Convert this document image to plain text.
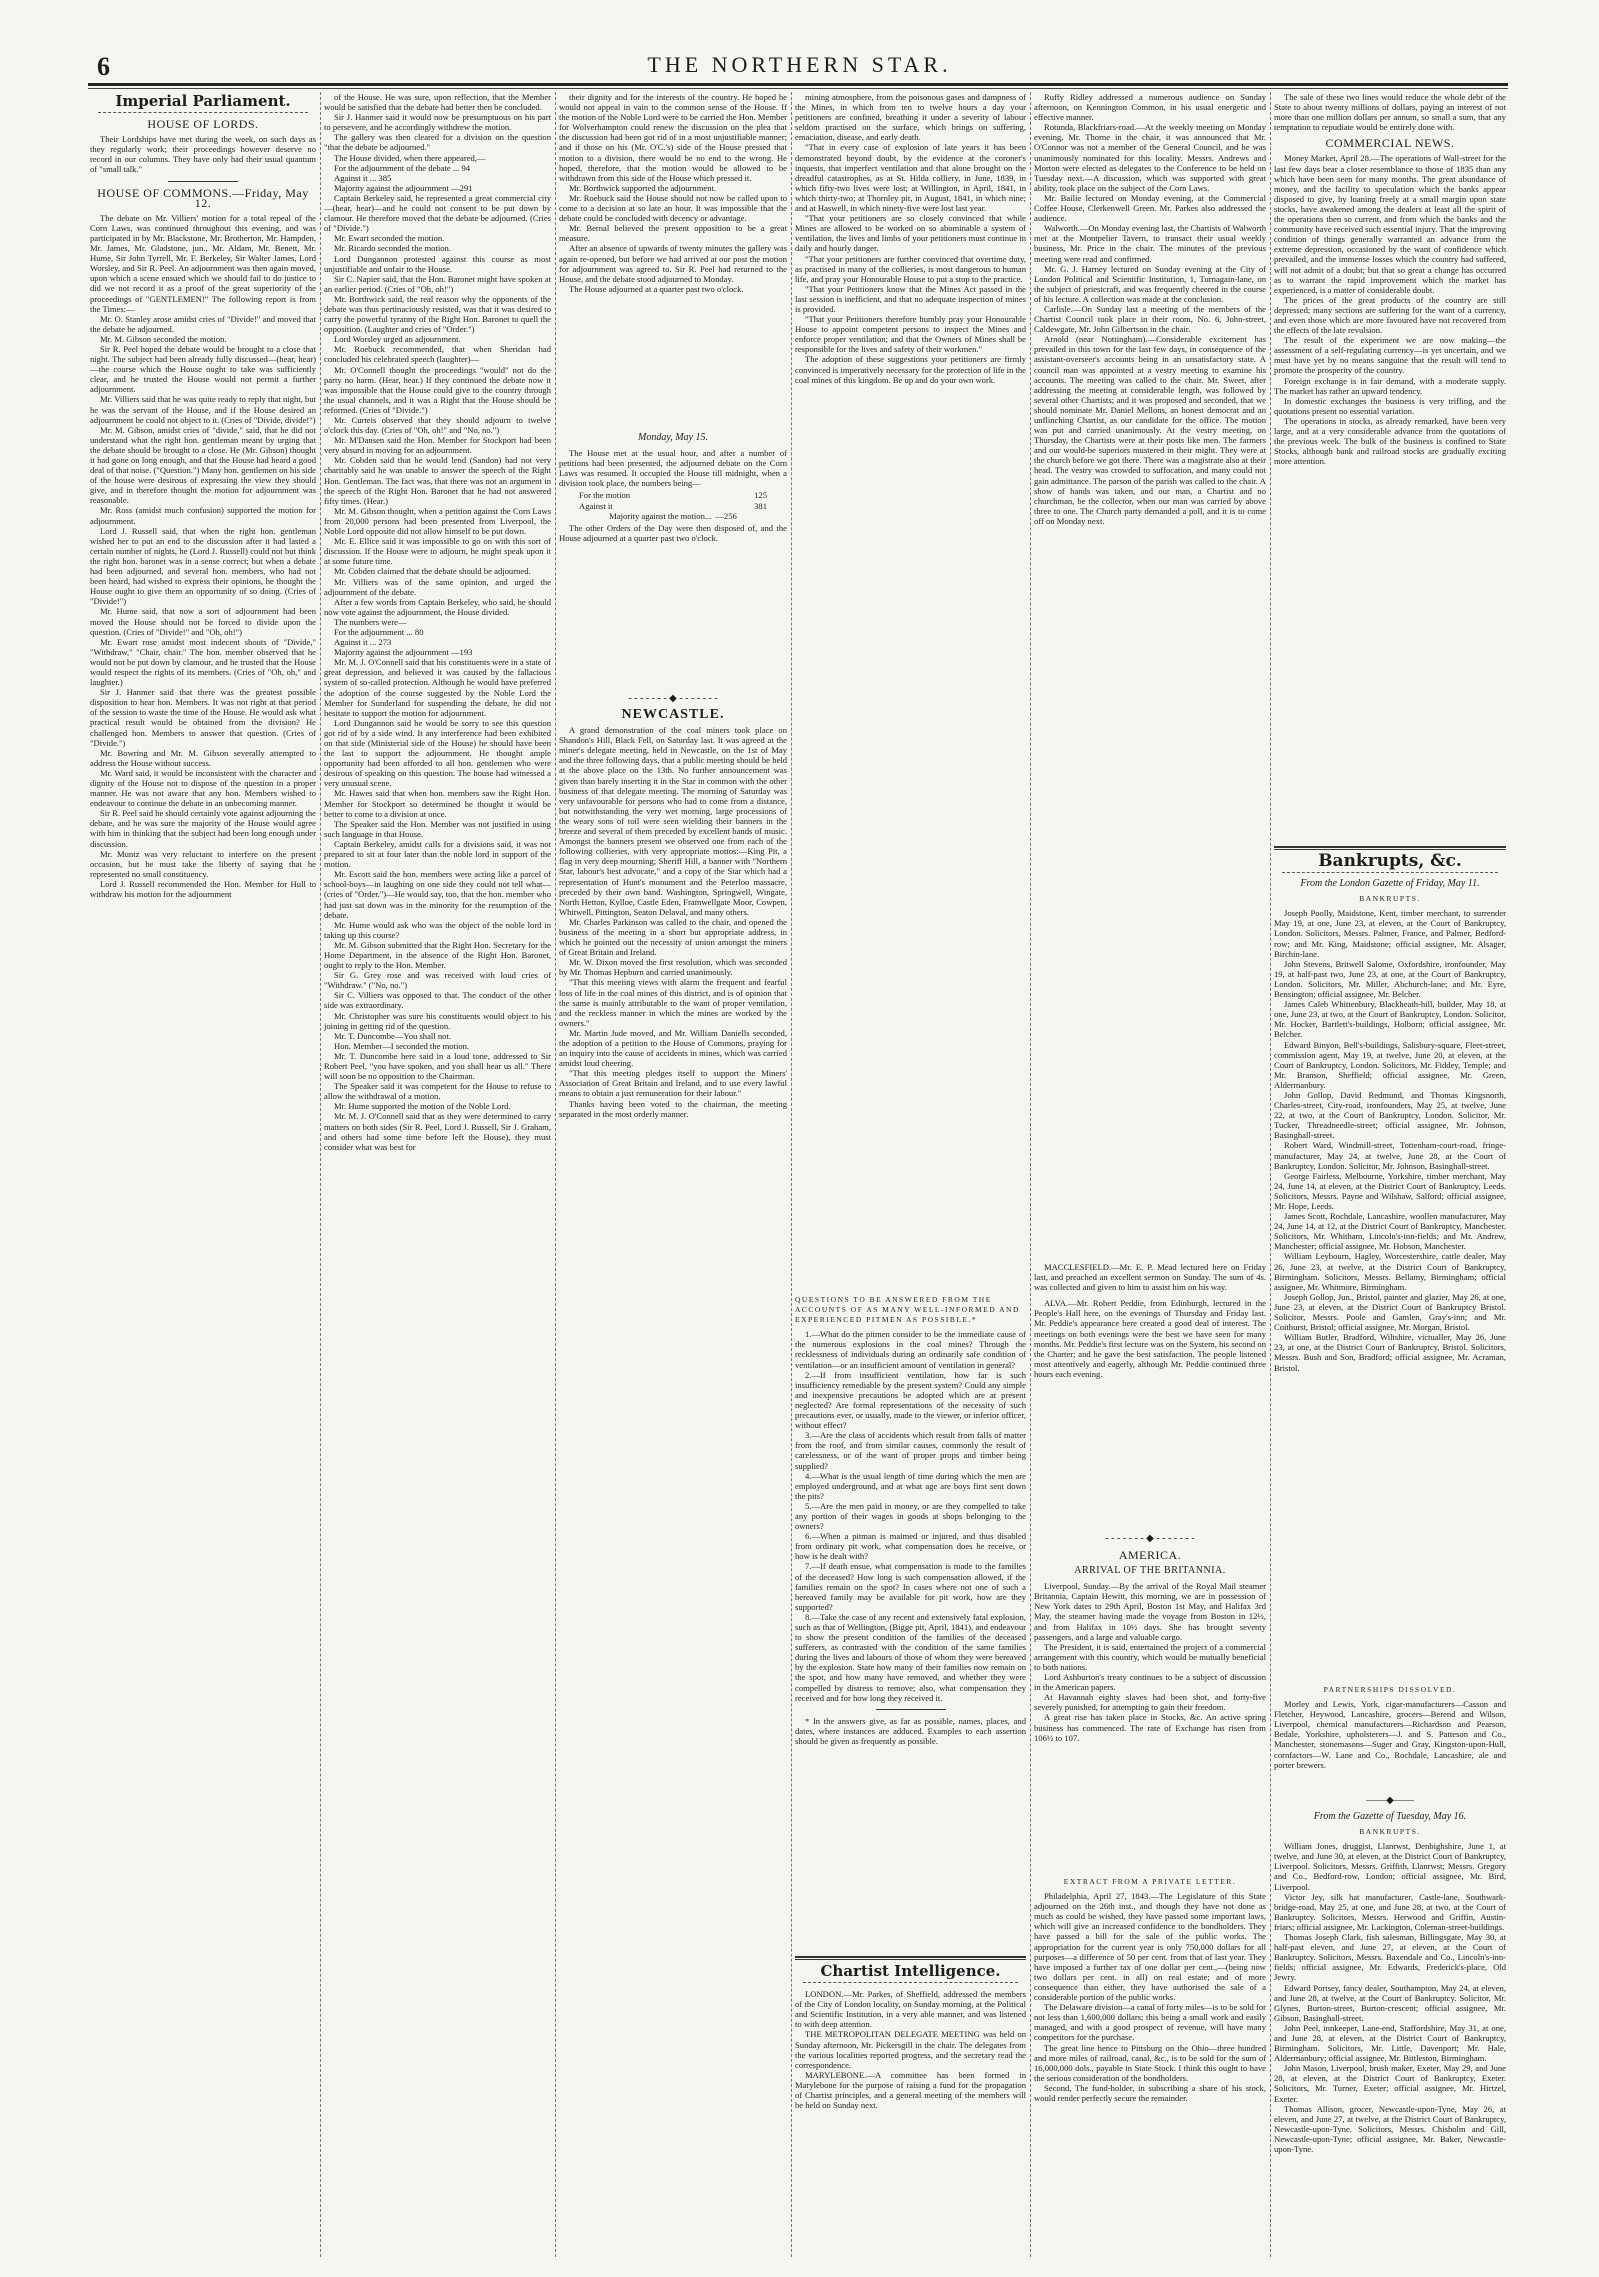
6	THE NORTHERN STAR.
Imperial Parliament.
HOUSE OF LORDS.

Their Lordships have met during the week, on such days as they regularly work; their proceedings however deserve no record in our columns. They have only had their usual quantum of "small talk."

HOUSE OF COMMONS.—Friday, May 12.

The debate on Mr. Villiers' motion for a total repeal of the Corn Laws, was continued throughout this evening, and was participated in by Mr. Blackstone, Mr. Brotherton, Mr. Hampden, Mr. James, Mr. Gladstone, jun., Mr. Aldam, Mr. Benett, Mr. Hume, Sir John Tyrrell, Mr. F. Berkeley, Sir Walter James, Lord Worsley, and Sir R. Peel. An adjournment was then again moved, upon which a scene ensued which we should fail to do justice to did we not record it as a proof of the great superiority of the proceedings of "GENTLEMEN!" The following report is from the Times:—

Mr. O. Stanley arose amidst cries of "Divide!" and moved that the debate be adjourned.

Mr. M. Gibson seconded the motion.

Sir R. Peel hoped the debate would be brought to a close that night. The subject had been already fully discussed—(hear, hear)—the course which the House ought to take was sufficiently clear, and he trusted the House would not permit a further adjournment.

Mr. Villiers said that he was quite ready to reply that night, but he was the servant of the House, and if the House desired an adjournment he could not object to it. (Cries of "Divide, divide!")

Mr. M. Gibson, amidst cries of "divide," said, that he did not understand what the right hon. gentleman meant by urging that the debate should be brought to a close. He (Mr. Gibson) thought it had gone on long enough, and that the House had heard a good deal of that noise. ("Question.") Many hon. gentlemen on his side of the house were desirous of expressing the view they should give, and in therefore thought the motion for adjournment was reasonable.

Mr. Ross (amidst much confusion) supported the motion for adjournment.

Lord J. Russell said, that when the right hon. gentleman wished her to put an end to the discussion after it had lasted a certain number of nights, he (Lord J. Russell) could not but think the right hon. baronet was in a sense correct; but when a debate had been adjourned, and several hon. members, who had not been heard, had wished to express their opinions, he thought the House ought to give them an opportunity of so doing. (Cries of "Divide!")

Mr. Hume said, that now a sort of adjournment had been moved the House should not be forced to divide upon the question. (Cries of "Divide!" and "Oh, oh!")

Mr. Ewart rose amidst most indecent shouts of "Divide," "Withdraw," "Chair, chair." The hon. member observed that he would not be put down by clamour, and he trusted that the House would respect the rights of its members. (Cries of "Oh, oh," and laughter.)

Sir J. Hanmer said that there was the greatest possible disposition to hear hon. Members. It was not right at that period of the session to waste the time of the House. He would ask what practical result would be obtained from the division? He challenged hon. Members to answer that question. (Cries of "Divide.")

Mr. Bowring and Mr. M. Gibson severally attempted to address the House without success.

Mr. Ward said, it would be inconsistent with the character and dignity of the House not to dispose of the question in a proper manner. He was not aware that any hon. Members wished to endeavour to continue the debate in an unbecoming manner.

Sir R. Peel said he should certainly vote against adjourning the debate, and he was sure the majority of the House would agree with him in thinking that the subject had been long enough under discussion.

Mr. Muntz was very reluctant to interfere on the present occasion, but he must take the liberty of saying that he represented no small constituency.

Lord J. Russell recommended the Hon. Member for Hull to withdraw his motion for the adjournment

of the House. He was sure, upon reflection, that the Member would be satisfied that the debate had better then be concluded.

Sir J. Hanmer said it would now be presumptuous on his part to persevere, and he accordingly withdrew the motion.

The gallery was then cleared for a division on the question "that the debate be adjourned."

The House divided, when there appeared,—

For the adjournment of the debate ... 94

Against it ... 385

Majority against the adjournment —291

Captain Berkeley said, he represented a great commercial city—(hear, hear)—and he could not consent to be put down by clamour. He therefore moved that the debate be adjourned. (Cries of "Divide.")

Mr. Ewart seconded the motion.

Mr. Ricardo seconded the motion.

Lord Dungannon protested against this course as most unjustifiable and unfair to the House.

Sir C. Napier said, that the Hon. Baronet might have spoken at an earlier period. (Cries of "Oh, oh!")

Mr. Borthwick said, the real reason why the opponents of the debate was thus pertinaciously resisted, was that it was desired to carry the powerful tyranny of the Right Hon. Baronet to quell the opposition. (Laughter and cries of "Order.")

Lord Worsley urged an adjournment.

Mr. Roebuck recommended, that when Sheridan had concluded his celebrated speech (laughter)—

Mr. O'Connell thought the proceedings "would" not do the party no harm. (Hear, hear.) If they continued the debate now it was impossible that the House could give to the country through the usual channels, and it was a Right that the House should be reformed. (Cries of "Divide.")

Mr. Curteis observed that they should adjourn to twelve o'clock this day. (Cries of "Oh, oh!" and "No, no.")

Mr. M'Dansen said the Hon. Member for Stockport had been very absurd in moving for an adjournment.

Mr. Cobden said that he would lend (Sandon) had not very charitably said he was unable to answer the speech of the Right Hon. Gentleman. The fact was, that there was not an argument in the speech of the Right Hon. Baronet that he had not answered fifty times. (Hear.)

Mr. M. Gibson thought, when a petition against the Corn Laws from 20,000 persons had been presented from Liverpool, the Noble Lord opposite did not allow himself to be put down.

Mr. E. Ellice said it was impossible to go on with this sort of discussion. If the House were to adjourn, he might speak upon it at some future time.

Mr. Cobden claimed that the debate should be adjourned.

Mr. Villiers was of the same opinion, and urged the adjournment of the debate.

After a few words from Captain Berkeley, who said, he should now vote against the adjournment, the House divided.

The numbers were—

For the adjournment ... 80

Against it ... 273

Majority against the adjournment —193

Mr. M. J. O'Connell said that his constituents were in a state of great depression, and believed it was caused by the fallacious system of so-called protection. Although he would have preferred the adoption of the course suggested by the Noble Lord the Member for Sunderland for suspending the debate, he did not hesitate to support the motion for adjournment.

Lord Dungannon said he would be sorry to see this question got rid of by a side wind. It any interference had been exhibited on that side (Ministerial side of the House) he should have been the last to support the adjournment. He thought ample opportunity had been afforded to all hon. gentlemen who were desirous of speaking on this question. The house had witnessed a very unusual scene.

Mr. Hawes said that when hon. members saw the Right Hon. Member for Stockport so determined he thought it would be better to come to a division at once.

The Speaker said the Hon. Member was not justified in using such language in that House.

Captain Berkeley, amidst calls for a divisions said, it was not prepared to sit at four later than the noble lord in support of the motion.

Mr. Escott said the hon. members were acting like a parcel of school-boys—in laughing on one side they could not tell what—(cries of "Order.")—He would say, too, that the hon. member who had just sat down was in the minority for the resumption of the debate.

Mr. Hume would ask who was the object of the noble lord in taking up this course?

Mr. M. Gibson submitted that the Right Hon. Secretary for the Home Department, in the absence of the Right Hon. Baronet, ought to reply to the Hon. Member.

Sir G. Grey rose and was received with loud cries of "Withdraw." ("No, no.")

Sir C. Villiers was opposed to that. The conduct of the other side was extraordinary.

Mr. Christopher was sure his constituents would object to his joining in getting rid of the question.

Mr. T. Duncombe—You shall not.

Hon. Member—I seconded the motion.

Mr. T. Duncombe here said in a loud tone, addressed to Sir Robert Peel, "you have spoken, and you shall hear us all." There will soon be no opposition to the Chairman.

The Speaker said it was competent for the House to refuse to allow the withdrawal of a motion.

Mr. Hume supported the motion of the Noble Lord.

Mr. M. J. O'Connell said that as they were determined to carry matters on both sides (Sir R. Peel, Lord J. Russell, Sir J. Graham, and others had some time before left the House), they must consider what was best for

their dignity and for the interests of the country. He hoped he would not appeal in vain to the common sense of the House. If the motion of the Noble Lord were to be carried the Hon. Member for Wolverhampton could renew the discussion on the plea that the discussion had been got rid of in a most unjustifiable manner; and if those on his (Mr. O'C.'s) side of the House pressed that motion to a division, there would be no end to the wrong. He hoped, therefore, that the motion would be allowed to be withdrawn from this side of the House which pressed it.

Mr. Borthwick supported the adjournment.

Mr. Roebuck said the House should not now be called upon to come to a decision at so late an hour. It was impossible that the debate could be concluded with decency or advantage.

Mr. Bernal believed the present opposition to be a great measure.

After an absence of upwards of twenty minutes the gallery was again re-opened, but before we had arrived at our post the motion for adjournment was agreed to. Sir R. Peel had returned to the House, and the debate stood adjourned to Monday.

The House adjourned at a quarter past two o'clock.

Monday, May 15.

The House met at the usual hour, and after a number of petitions had been presented, the adjourned debate on the Corn Laws was resumed. It occupied the House till midnight, when a division took place, the numbers being—

For the motion	125
Against it	381
Majority against the motion... —256

The other Orders of the Day were then disposed of, and the House adjourned at a quarter past two o'clock.

- - - - - - - ◆ - - - - - - -
NEWCASTLE.

A grand demonstration of the coal miners took place on Shandon's Hill, Black Fell, on Saturday last. It was agreed at the miner's delegate meeting, held in Newcastle, on the 1st of May and the three following days, that a public meeting should be held at the above place on the 13th. No further announcement was given than barely inserting it in the Star in common with the other business of that delegate meeting. The morning of Saturday was very unfavourable for persons who had to come from a distance, but notwithstanding the very wet morning, large processions of the weary sons of toil were seen wielding their banners in the breeze and several of them preceded by excellent bands of music. Amongst the banners present we observed one from each of the following collieries, with very appropriate mottos:—King Pit, a flag in very deep mourning; Sheriff Hill, a banner with "Northern Star, labour's best advocate," and a copy of the Star which had a representation of Hunt's monument and the Peterloo massacre, preceded by their own band. Washington, Springwell, Wingate, North Hetton, Kylloe, Castle Eden, Framwellgate Moor, Cowpen, Whitwell, Pittington, Seaton Delaval, and many others.

Mr. Charles Parkinson was called to the chair, and opened the business of the meeting in a short but appropriate address, in which he pointed out the necessity of union amongst the miners of Great Britain and Ireland.

Mr. W. Dixon moved the first resolution, which was seconded by Mr. Thomas Hepburn and carried unanimously.

"That this meeting views with alarm the frequent and fearful loss of life in the coal mines of this district, and is of opinion that the same is mainly attributable to the want of proper ventilation, and the reckless manner in which the mines are worked by the owners."

Mr. Martin Jude moved, and Mr. William Daniells seconded, the adoption of a petition to the House of Commons, praying for an inquiry into the cause of accidents in mines, which was carried amidst loud cheering.

"That this meeting pledges itself to support the Miners' Association of Great Britain and Ireland, and to use every lawful means to obtain a just remuneration for their labour."

Thanks having been voted to the chairman, the meeting separated in the most orderly manner.

mining atmosphere, from the poisonous gases and dampness of the Mines, in which from ten to twelve hours a day your petitioners are confined, breathing it under a severity of labour seldom practised on the surface, which brings on suffering, emaciation, disease, and early death.

"That in every case of explosion of late years it has been demonstrated beyond doubt, by the evidence at the coroner's inquests, that imperfect ventilation and that alone brought on the dreadful catastrophes, as at St. Hilda colliery, in June, 1839, in which fifty-two lives were lost; at Willington, in April, 1841, in which thirty-two; at Thornley pit, in August, 1841, in which nine; and at Haswell, in which ninety-five were lost last year.

"That your petitioners are so closely convinced that while Mines are allowed to be worked on so abominable a system of ventilation, the lives and limbs of your petitioners must continue in daily and hourly danger.

"That your petitioners are further convinced that overtime duty, as practised in many of the collieries, is most dangerous to human life, and pray your Honourable House to put a stop to the practice.

"That your Petitioners know that the Mines Act passed in the last session is inefficient, and that no adequate inspection of mines is provided.

"That your Petitioners therefore humbly pray your Honourable House to appoint competent persons to inspect the Mines and enforce proper ventilation; and that the Owners of Mines shall be responsible for the lives and safety of their workmen."

The adoption of these suggestions your petitioners are firmly convinced is imperatively necessary for the protection of life in the coal mines of this kingdom. Be up and do your own work.

QUESTIONS TO BE ANSWERED FROM THE ACCOUNTS OF AS MANY WELL-INFORMED AND EXPERIENCED PITMEN AS POSSIBLE.*

1.—What do the pitmen consider to be the immediate cause of the numerous explosions in the coal mines? Through the recklessness of individuals during an ordinarily safe condition of ventilation—or an insufficient amount of ventilation in general?

2.—If from insufficient ventilation, how far is such insufficiency remediable by the present system? Could any simple and inexpensive precautions be adopted which are at present neglected? Are formal representations of the necessity of such precautions ever, or usually, made to the viewer, or inferior officer, without effect?

3.—Are the class of accidents which result from falls of matter from the roof, and from similar causes, commonly the result of carelessness, or of the want of proper props and timber being supplied?

4.—What is the usual length of time during which the men are employed underground, and at what age are boys first sent down the pits?

5.—Are the men paid in money, or are they compelled to take any portion of their wages in goods at shops belonging to the owners?

6.—When a pitman is maimed or injured, and thus disabled from ordinary pit work, what compensation does he receive, or how is he dealt with?

7.—If death ensue, what compensation is made to the families of the deceased? How long is such compensation allowed, if the families remain on the spot? In cases where not one of such a bereaved family may be available for pit work, how are they supported?

8.—Take the case of any recent and extensively fatal explosion, such as that of Wellington, (Bigge pit, April, 1841), and endeavour to show the present condition of the families of the deceased sufferers, as contrasted with the condition of the same families during the lives and labours of those of whom they were bereaved by the explosion. State how many of their families now remain on the spot, and how many have removed, and whether they were compelled by distress to remove; also, what compensation they received and for how long they received it.

* In the answers give, as far as possible, names, places, and dates, where instances are adduced. Examples to each assertion should be given as frequently as possible.

Chartist Intelligence.

LONDON.—Mr. Parkes, of Sheffield, addressed the members of the City of London locality, on Sunday morning, at the Political and Scientific Institution, in a very able manner, and was listened to with deep attention.

THE METROPOLITAN DELEGATE MEETING was held on Sunday afternoon, Mr. Pickersgill in the chair. The delegates from the various localities reported progress, and the secretary read the correspondence.

MARYLEBONE.—A committee has been formed in Marylebone for the purpose of raising a fund for the propagation of Chartist principles, and a general meeting of the members will be held on Sunday next.

Ruffy Ridley addressed a numerous audience on Sunday afternoon, on Kennington Common, in his usual energetic and effective manner.

Rotunda, Blackfriars-road.—At the weekly meeting on Monday evening, Mr. Thorne in the chair, it was announced that Mr. O'Connor was not a member of the General Council, and he was unanimously nominated for this locality. Messrs. Andrews and Morton were elected as delegates to the Conference to be held on Tuesday next.—A discussion, which was supported with great ability, took place on the subject of the Corn Laws.

Mr. Bailie lectured on Monday evening, at the Commercial Coffee House, Clerkenwell Green. Mr. Parkes also addressed the audience.

Walworth.—On Monday evening last, the Chartists of Walworth met at the Montpelier Tavern, to transact their usual weekly business, Mr. Price in the chair. The minutes of the previous meeting were read and confirmed.

Mr. G. J. Harney lectured on Sunday evening at the City of London Political and Scientific Institution, 1, Turnagain-lane, on the subject of priestcraft, and was frequently cheered in the course of his lecture. A collection was made at the conclusion.

Carlisle.—On Sunday last a meeting of the members of the Chartist Council took place in their room, No. 6, John-street, Caldewgate, Mr. John Gilbertson in the chair.

Arnold (near Nottingham).—Considerable excitement has prevailed in this town for the last few days, in consequence of the assistant-overseer's accounts being in an unsatisfactory state. A council man was appointed at a vestry meeting to examine his accounts. The meeting was called to the chair. Mr. Sweet, after addressing the meeting at considerable length, was followed by several other Chartists; and it was proposed and seconded, that we should nominate Mr. Daniel Mellons, an honest democrat and an unflinching Chartist, as our candidate for the office. The motion was put and carried unanimously. At the vestry meeting, on Thursday, the Chartists were at their posts like men. The farmers and our would-be superiors mustered in their might. They were at the church before we got there. There was a magistrate also at their head. The vestry was crowded to suffocation, and many could not gain admittance. The parson of the parish was called to the chair. A show of hands was taken, and our man, a Chartist and no churchman, be the collector, when our man was carried by above three to one. The Church party demanded a poll, and it is to come off on Monday next.

MACCLESFIELD.—Mr. E. P. Mead lectured here on Friday last, and preached an excellent sermon on Sunday. The sum of 4s. was collected and given to him to assist him on his way.

ALVA.—Mr. Robert Peddie, from Edinburgh, lectured in the People's Hall here, on the evenings of Thursday and Friday last. Mr. Peddie's appearance here created a good deal of interest. The meetings on both evenings were the best we have seen for many months. Mr. Peddie's first lecture was on the System, his second on the Charter; and he gave the best satisfaction. The people listened most attentively and eagerly, although Mr. Peddie continued three hours each evening.

- - - - - - - ◆ - - - - - - -
AMERICA.
ARRIVAL OF THE BRITANNIA.

Liverpool, Sunday.—By the arrival of the Royal Mail steamer Britannia, Captain Hewitt, this morning, we are in possession of New York dates to 29th April, Boston 1st May, and Halifax 3rd May, the steamer having made the voyage from Boston in 12½, and from Halifax in 10½ days. She has brought seventy passengers, and a large and valuable cargo.

The President, it is said, entertained the project of a commercial arrangement with this country, which would be mutually beneficial to both nations.

Lord Ashburton's treaty continues to be a subject of discussion in the American papers.

At Havannah eighty slaves had been shot, and forty-five severely punished, for attempting to gain their freedom.

A great rise has taken place in Stocks, &c. An active spring business has commenced. The rate of Exchange has risen from 106½ to 107.

EXTRACT FROM A PRIVATE LETTER.

Philadelphia, April 27, 1843.—The Legislature of this State adjourned on the 26th inst., and though they have not done as much as could be wished, they have passed some important laws, which will give an increased confidence to the bondholders. They have passed a bill for the sale of the public works. The appropriation for the current year is only 750,000 dollars for all purposes—a difference of 50 per cent. from that of last year. They have imposed a further tax of one dollar per cent.,—(being now two dollars per cent. in all) on real estate; and of more consequence than either, they have authorised the sale of a considerable portion of the public works.

The Delaware division—a canal of forty miles—is to be sold for not less than 1,600,000 dollars; this being a small work and easily managed, and with a good prospect of revenue, will have many competitors for the purchase.

The great line hence to Pittsburg on the Ohio—three hundred and more miles of railroad, canal, &c., is to be sold for the sum of 16,000,000 dols., payable in State Stock. I think this ought to have the serious consideration of the bondholders.

Second, The fund-holder, in subscribing a share of his stock, would render perfectly secure the remainder.

The sale of these two lines would reduce the whole debt of the State to about twenty millions of dollars, paying an interest of not more than one million dollars per annum, so small a sum, that any temptation to repudiate would be entirely done with.

COMMERCIAL NEWS.

Money Market, April 28.—The operations of Wall-street for the last few days bear a closer resemblance to those of 1835 than any which have been seen for many months. The great abundance of money, and the facility to speculation which the banks appear disposed to give, by loaning freely at a small margin upon state stocks, have awakened among the dealers at least all the spirit of the operations then so current, and from which the banks and the community have received such essential injury. That the improving condition of things generally warranted an advance from the extreme depression, occasioned by the want of confidence which prevailed, and the immense losses which the country had suffered, will not admit of a doubt; but that so great a change has occurred as to warrant the rapid improvement which the market has experienced, is a matter of considerable doubt.

The prices of the great products of the country are still depressed; many sections are suffering for the want of a currency, and even those which are more favoured have not recovered from the effects of the late revulsion.

The result of the experiment we are now making—the assessment of a self-regulating currency—is yet uncertain, and we must have yet by no means sanguine that the result will tend to promote the prosperity of the country.

Foreign exchange is in fair demand, with a moderate supply. The market has rather an upward tendency.

In domestic exchanges the business is very trifling, and the quotations present no essential variation.

The operations in stocks, as already remarked, have been very large, and at a very considerable advance from the quotations of the previous week. The bulk of the business is confined to State Stocks, although bank and railroad stocks are gradually exciting more attention.

Bankrupts, &c.
From the London Gazette of Friday, May 11.
BANKRUPTS.

Joseph Poolly, Maidstone, Kent, timber merchant, to surrender May 19, at one, June 23, at eleven, at the Court of Bankruptcy, London. Solicitors, Messrs. Palmer, France, and Palmer, Bedford-row; and Mr. King, Maidstone; official assignee, Mr. Alsager, Birchin-lane.

John Stevens, Britwell Salome, Oxfordshire, ironfounder, May 19, at half-past two, June 23, at one, at the Court of Bankruptcy, London. Solicitors, Mr. Miller, Abchurch-lane; and Mr. Eyre, Bensington; official assignee, Mr. Belcher.

James Caleb Whittenbury, Blackheath-hill, builder, May 18, at one, June 23, at two, at the Court of Bankruptcy, London. Solicitor, Mr. Hocker, Bartlett's-buildings, Holborn; official assignee, Mr. Belcher.

Edward Binyon, Bell's-buildings, Salisbury-square, Fleet-street, commission agent, May 19, at twelve, June 20, at eleven, at the Court of Bankruptcy, London. Solicitors, Mr. Fiddey, Temple; and Mr. Branson, Sheffield; official assignee, Mr. Green, Aldermanbury.

John Gollop, David Redmund, and Thomas Kingsnorth, Charles-street, City-road, ironfounders, May 25, at twelve, June 22, at two, at the Court of Bankruptcy, London. Solicitor, Mr. Tucker, Threadneedle-street; official assignee, Mr. Johnson, Basinghall-street.

Robert Ward, Windmill-street, Tottenham-court-road, fringe-manufacturer, May 24, at twelve, June 28, at the Court of Bankruptcy, London. Solicitor, Mr. Johnson, Basinghall-street.

George Fairless, Melbourne, Yorkshire, timber merchant, May 24, June 14, at eleven, at the District Court of Bankruptcy, Leeds. Solicitors, Messrs. Payne and Wilshaw, Salford; official assignee, Mr. Hope, Leeds.

James Scott, Rochdale, Lancashire, woollen manufacturer, May 24, June 14, at 12, at the District Court of Bankruptcy, Manchester. Solicitors, Mr. Whitham, Lincoln's-inn-fields; and Mr. Andrew, Manchester; official assignee, Mr. Hobson, Manchester.

William Leybourn, Hagley, Worcestershire, cattle dealer, May 26, June 23, at twelve, at the District Court of Bankruptcy, Birmingham. Solicitors, Messrs. Bellamy, Birmingham; official assignee, Mr. Whitmore, Birmingham.

Joseph Gollop, Jun., Bristol, painter and glazier, May 26, at one, June 23, at eleven, at the District Court of Bankruptcy Bristol. Solicitor, Messrs. Poole and Gamlen, Gray's-inn; and Mr. Coithurst, Bristol; official assignee, Mr. Morgan, Bristol.

William Butler, Bradford, Wiltshire, victualler, May 26, June 23, at one, at the District Court of Bankruptcy, Bristol. Solicitors, Messrs. Bush and Son, Bradford; official assignee, Mr. Acraman, Bristol.

PARTNERSHIPS DISSOLVED.

Morley and Lewis, York, cigar-manufacturers—Casson and Fletcher, Heywood, Lancashire, grocers—Berend and Wilson, Liverpool, chemical manufacturers—Richardson and Pearson, Bedale, Yorkshire, upholsterers—J. and S. Patteson and Co., Manchester, stonemasons—Suger and Gray, Kingston-upon-Hull, cornfactors—W. Lane and Co., Rochdale, Lancashire, ale and porter brewers.

——◆——
From the Gazette of Tuesday, May 16.
BANKRUPTS.

William Jones, druggist, Llanrwst, Denbighshire, June 1, at twelve, and June 30, at eleven, at the District Court of Bankruptcy, Liverpool. Solicitors, Messrs. Griffith, Llanrwst; Messrs. Gregory and Co., Bedford-row, London; official assignee, Mr. Bird, Liverpool.

Victor Jey, silk hat manufacturer, Castle-lane, Southwark-bridge-road, May 25, at one, and June 28, at two, at the Court of Bankruptcy. Solicitors, Messrs. Herwood and Griffin, Austin-friars; official assignee, Mr. Lackington, Coleman-street-buildings.

Thomas Joseph Clark, fish salesman, Billingsgate, May 30, at half-past eleven, and June 27, at eleven, at the Court of Bankruptcy. Solicitors, Messrs. Baxendale and Co., Lincoln's-inn-fields; official assignee, Mr. Edwards, Frederick's-place, Old Jewry.

Edward Portsey, fancy dealer, Southampton, May 24, at eleven, and June 28, at twelve, at the Court of Bankruptcy. Solicitor, Mr. Glynes, Burton-street, Burton-crescent; official assignee, Mr. Gibson, Basinghall-street.

John Peel, innkeeper, Lane-end, Staffordshire, May 31, at one, and June 28, at eleven, at the District Court of Bankruptcy, Birmingham. Solicitors, Mr. Little, Davenport; Mr. Hale, Aldermanbury; official assignee, Mr. Bittleston, Birmingham.

John Mason, Liverpool, brush maker, Exeter, May 29, and June 28, at eleven, at the District Court of Bankruptcy, Exeter. Solicitors, Mr. Turner, Exeter; official assignee, Mr. Hirtzel, Exeter.

Thomas Allison, grocer, Newcastle-upon-Tyne, May 26, at eleven, and June 27, at twelve, at the District Court of Bankruptcy, Newcastle-upon-Tyne. Solicitors, Messrs. Chisholm and Gill, Newcastle-upon-Tyne; official assignee, Mr. Baker, Newcastle-upon-Tyne.
